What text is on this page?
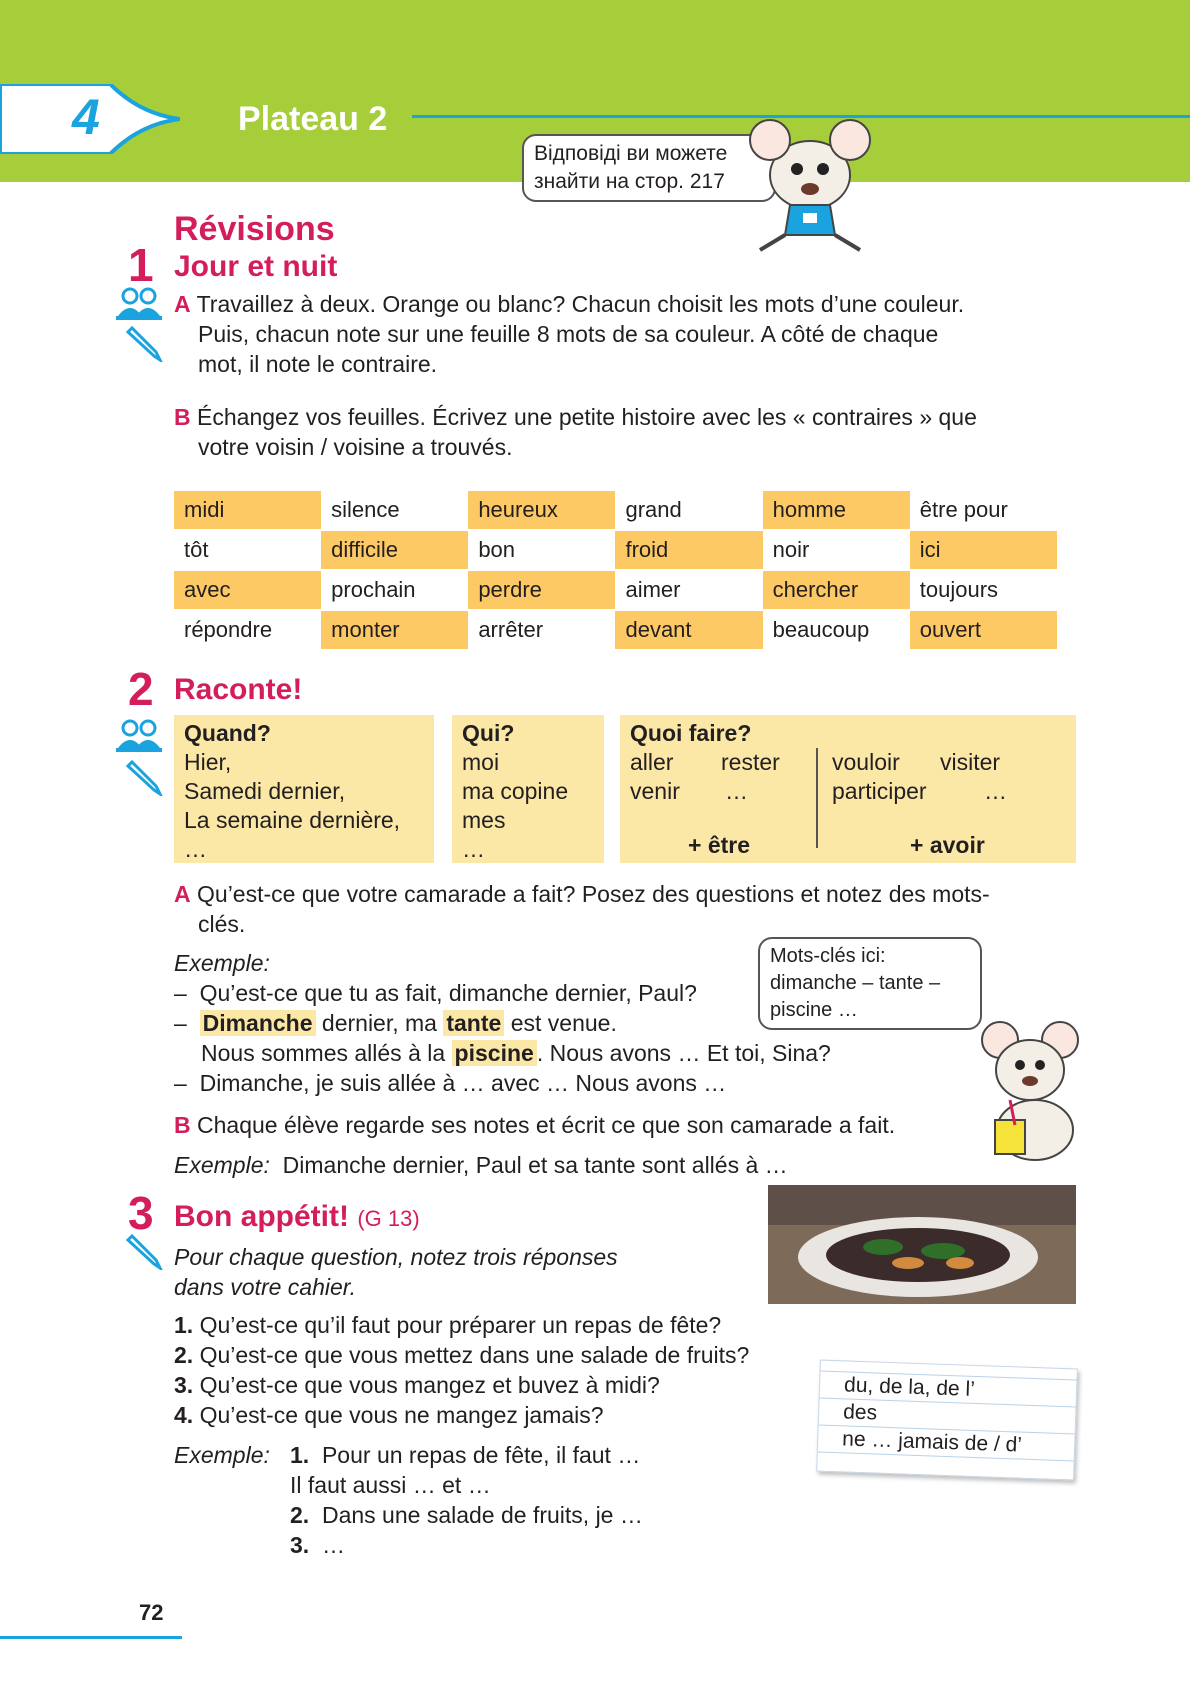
4	Plateau 2
Відповіді ви можете
знайти на стор. 217
Révisions
1 Jour et nuit
A Travaillez à deux. Orange ou blanc? Chacun choisit les mots d’une couleur.
Puis, chacun note sur une feuille 8 mots de sa couleur. A côté de chaque
mot, il note le contraire.
B Échangez vos feuilles. Écrivez une petite histoire avec les « contraires » que
votre voisin / voisine a trouvés.
midi	silence	heureux	grand	homme	être pour
tôt	difficile	bon	froid	noir	ici
avec	prochain	perdre	aimer	chercher	toujours
répondre	monter	arrêter	devant	beaucoup	ouvert
2 Raconte!
Quand?
Hier,
Samedi dernier,
La semaine dernière,
…
Qui?
moi
ma copine
mes
…
Quoi faire?
aller rester
venir …
+ être
vouloir visiter
participer …
+ avoir
A Qu’est-ce que votre camarade a fait? Posez des questions et notez des mots-
clés.
Exemple:
– Qu’est-ce que tu as fait, dimanche dernier, Paul?
– Dimanche dernier, ma tante est venue.
Nous sommes allés à la piscine . Nous avons … Et toi, Sina?
– Dimanche, je suis allée à … avec … Nous avons …
Mots-clés ici:
dimanche – tante –
piscine …
B Chaque élève regarde ses notes et écrit ce que son camarade a fait.
Exemple: Dimanche dernier, Paul et sa tante sont allés à …
3 Bon appétit! (G 13)
Pour chaque question, notez trois réponses
dans votre cahier.
1. Qu’est-ce qu’il faut pour préparer un repas de fête?
2. Qu’est-ce que vous mettez dans une salade de fruits?
3. Qu’est-ce que vous mangez et buvez à midi?
4. Qu’est-ce que vous ne mangez jamais?
Exemple: 1. Pour un repas de fête, il faut …
Il faut aussi … et …
2. Dans une salade de fruits, je …
3. …
du, de la, de l’
des
ne … jamais de / d’
72
